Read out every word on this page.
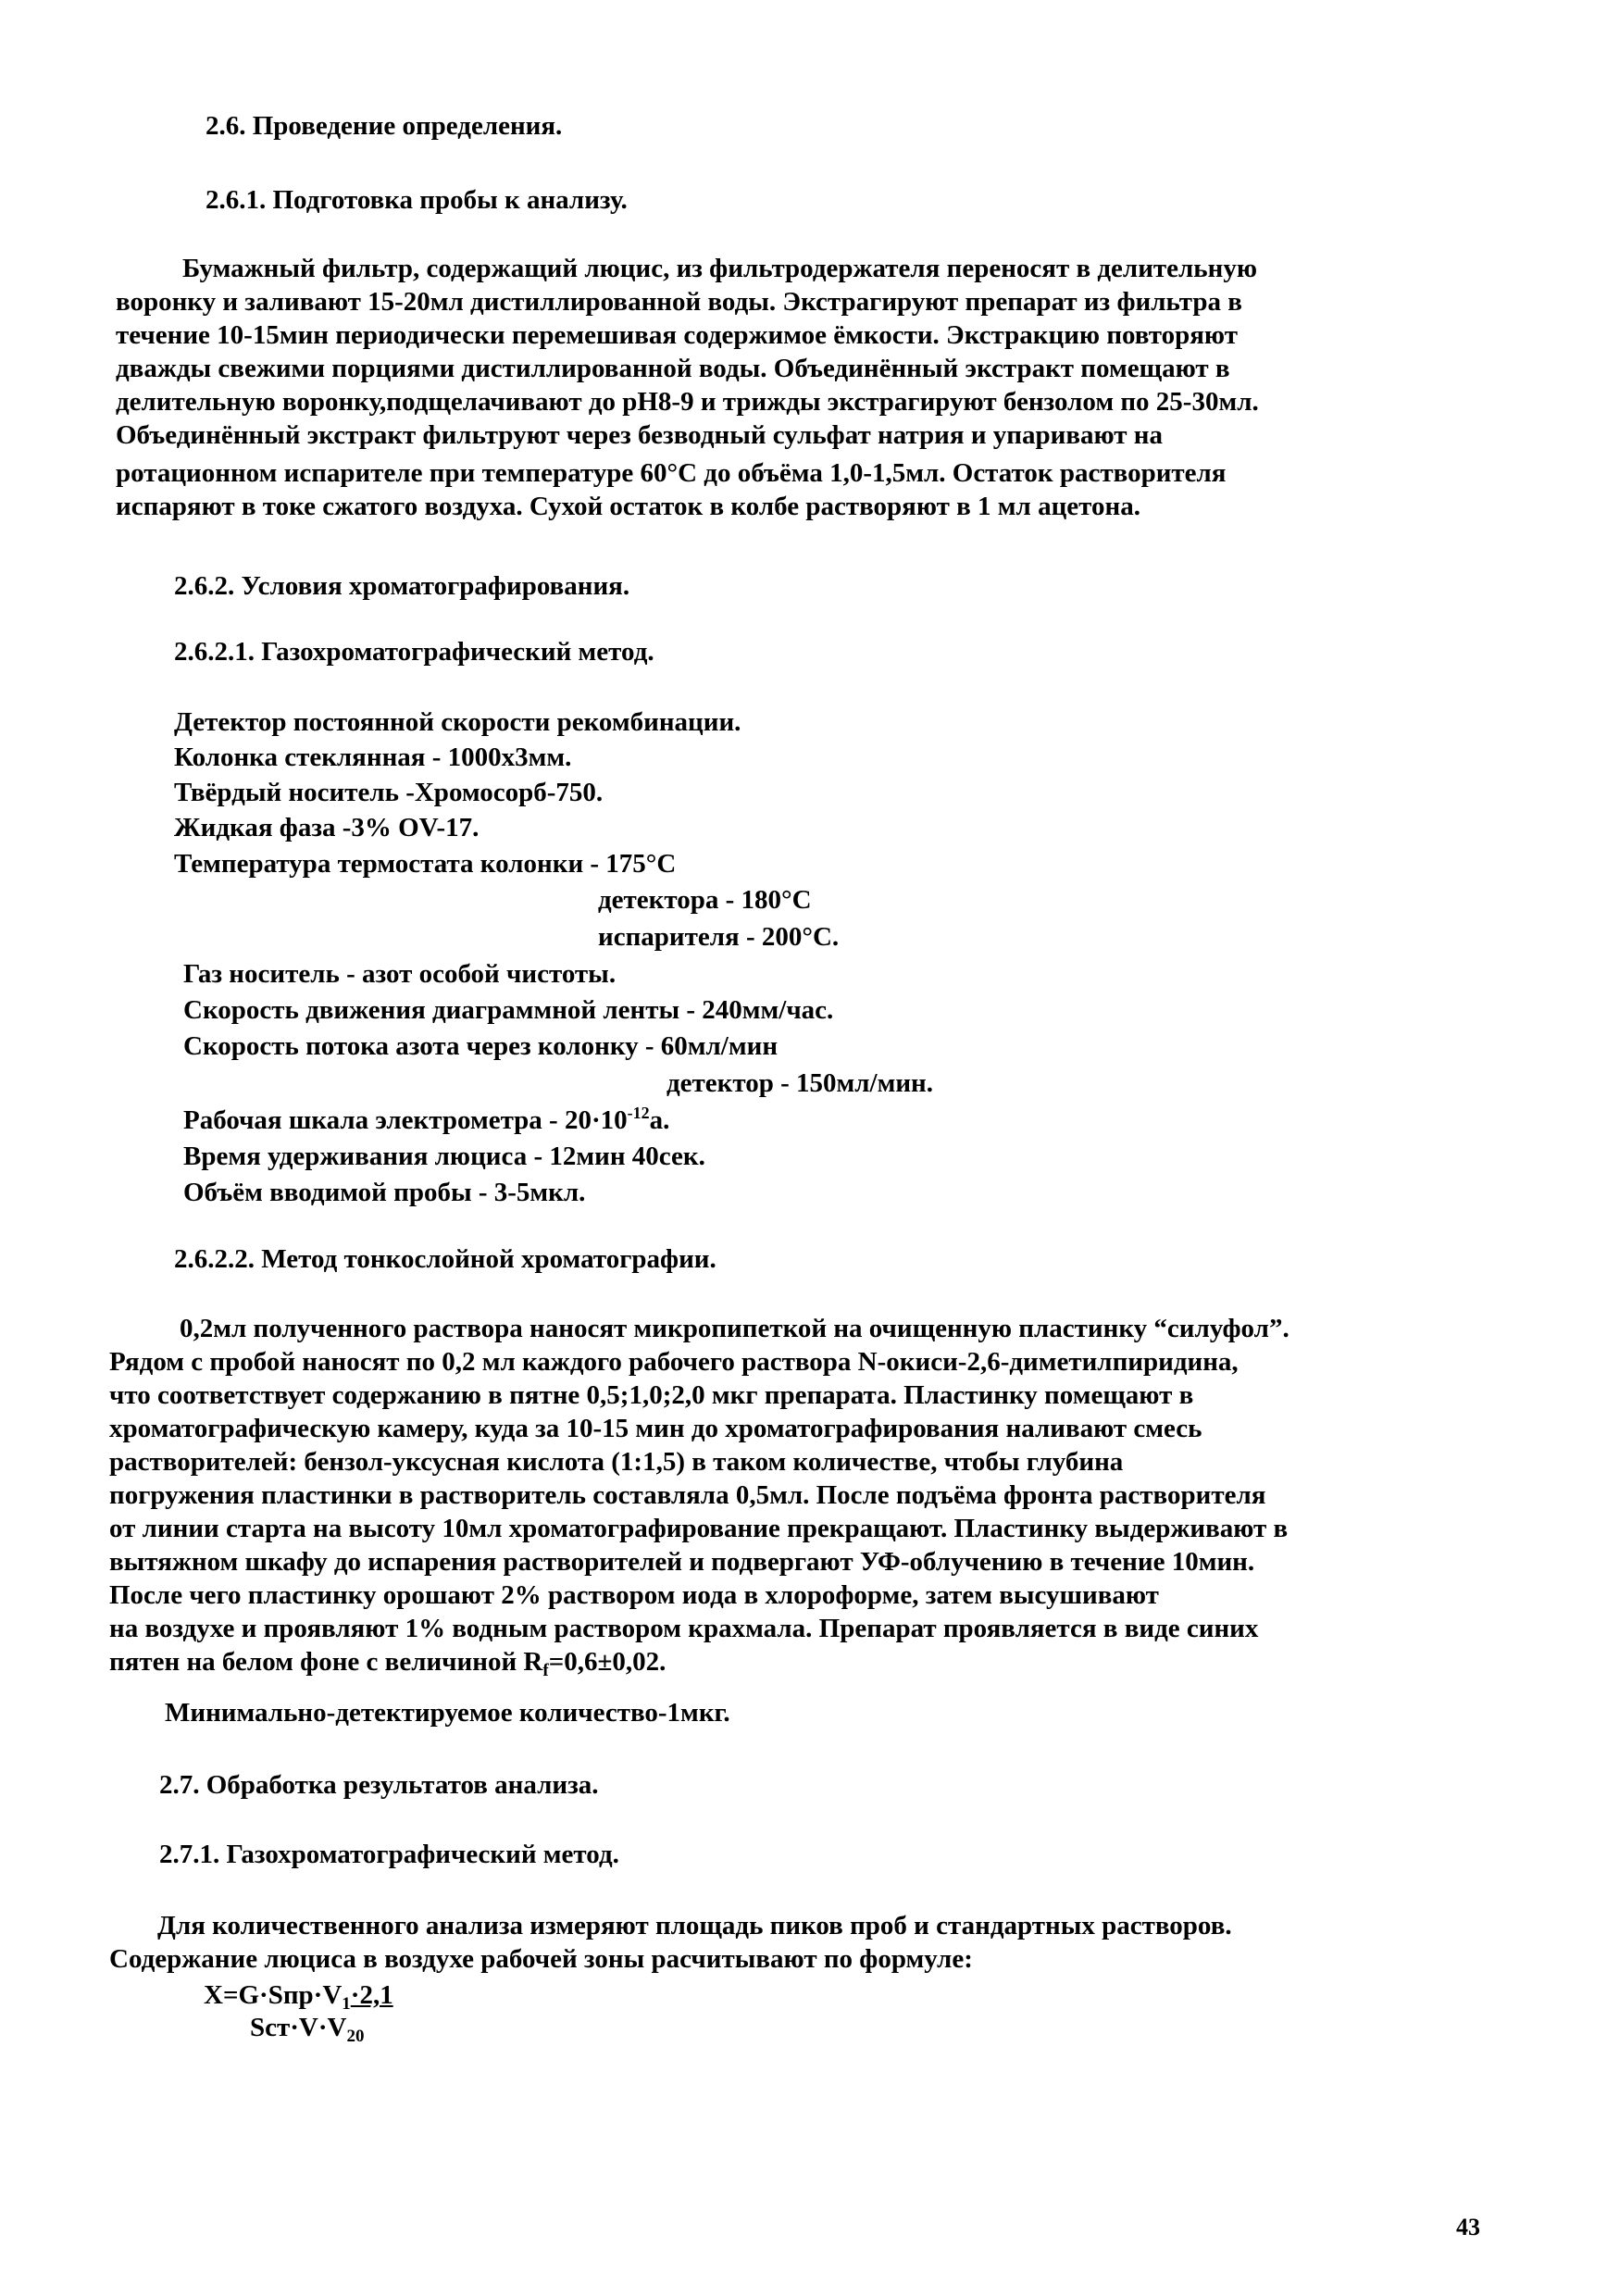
2.6. Проведение определения.
2.6.1. Подготовка пробы к анализу.
Бумажный фильтр, содержащий люцис, из фильтродержателя переносят в делительную
воронку и заливают 15-20мл дистиллированной воды. Экстрагируют препарат из фильтра в
течение 10-15мин периодически перемешивая содержимое ёмкости. Экстракцию повторяют
дважды свежими порциями дистиллированной воды. Объединённый экстракт помещают в
делительную воронку,подщелачивают до рН8-9 и трижды экстрагируют бензолом по 25-30мл.
Объединённый экстракт фильтруют через безводный сульфат натрия и упаривают на
ротационном испарителе при температуре 60°С до объёма 1,0-1,5мл. Остаток растворителя
испаряют в токе сжатого воздуха. Сухой остаток в колбе растворяют в 1 мл ацетона.
2.6.2. Условия хроматографирования.
2.6.2.1. Газохроматографический метод.
Детектор постоянной скорости рекомбинации.
Колонка стеклянная - 1000х3мм.
Твёрдый носитель -Хромосорб-750.
Жидкая фаза -3% OV-17.
Температура термостата колонки - 175°С
детектора - 180°С
испарителя - 200°С.
Газ носитель - азот особой чистоты.
Скорость движения диаграммной ленты - 240мм/час.
Скорость потока азота через колонку - 60мл/мин
детектор - 150мл/мин.
Рабочая шкала электрометра - $20\cdot 10^{-12}а$.
Время удерживания люциса - 12мин 40сек.
Объём вводимой пробы - 3-5мкл.
2.6.2.2. Метод тонкослойной хроматографии.
0,2мл полученного раствора наносят микропипеткой на очищенную пластинку “силуфол”.
Рядом с пробой наносят по 0,2 мл каждого рабочего раствора N-окиси-2,6-диметилпиридина,
что соответствует содержанию в пятне 0,5;1,0;2,0 мкг препарата. Пластинку помещают в
хроматографическую камеру, куда за 10-15 мин до хроматографирования наливают смесь
растворителей: бензол-уксусная кислота (1:1,5) в таком количестве, чтобы глубина
погружения пластинки в растворитель составляла 0,5мл. После подъёма фронта растворителя
от линии старта на высоту 10мл хроматографирование прекращают. Пластинку выдерживают в
вытяжном шкафу до испарения растворителей и подвергают УФ-облучению в течение 10мин.
После чего пластинку орошают 2% раствором иода в хлороформе, затем высушивают
на воздухе и проявляют 1% водным раствором крахмала. Препарат проявляется в виде синих
пятен на белом фоне с величиной $R_f=0,6\pm 0,02$.
Минимально-детектируемое количество-1мкг.
2.7. Обработка результатов анализа.
2.7.1. Газохроматографический метод.
Для количественного анализа измеряют площадь пиков проб и стандартных растворов.
Содержание люциса в воздухе рабочей зоны расчитывают по формуле:
$X=G\cdot Sпр\cdot V_1\cdot 2,1$
$Sст\cdot V\cdot V_{20}$
43
